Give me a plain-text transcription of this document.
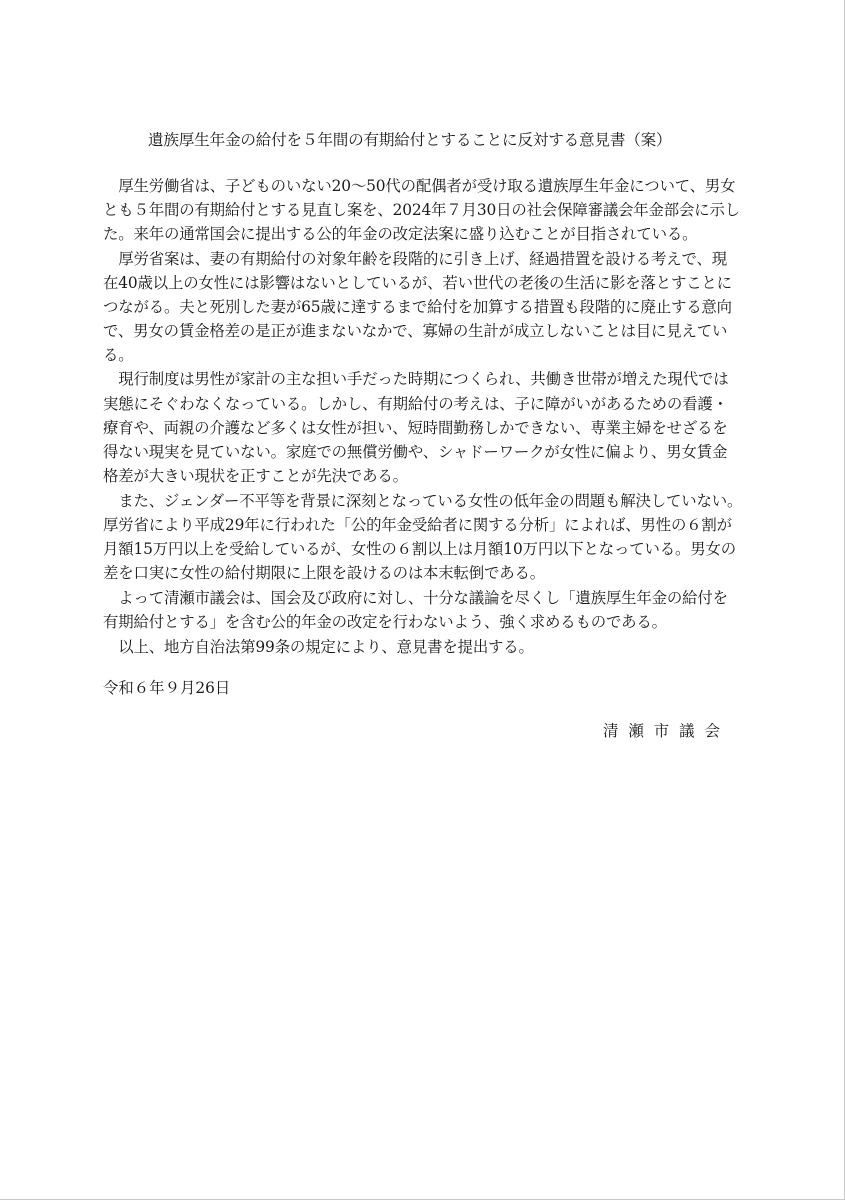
遺族厚生年金の給付を５年間の有期給付とすることに反対する意見書（案）
　厚生労働省は、子どものいない20〜50代の配偶者が受け取る遺族厚生年金について、男女
とも５年間の有期給付とする見直し案を、2024年７月30日の社会保障審議会年金部会に示し
た。来年の通常国会に提出する公的年金の改定法案に盛り込むことが目指されている。
　厚労省案は、妻の有期給付の対象年齢を段階的に引き上げ、経過措置を設ける考えで、現
在40歳以上の女性には影響はないとしているが、若い世代の老後の生活に影を落とすことに
つながる。夫と死別した妻が65歳に達するまで給付を加算する措置も段階的に廃止する意向
で、男女の賃金格差の是正が進まないなかで、寡婦の生計が成立しないことは目に見えてい
る。
　現行制度は男性が家計の主な担い手だった時期につくられ、共働き世帯が増えた現代では
実態にそぐわなくなっている。しかし、有期給付の考えは、子に障がいがあるための看護・
療育や、両親の介護など多くは女性が担い、短時間勤務しかできない、専業主婦をせざるを
得ない現実を見ていない。家庭での無償労働や、シャドーワークが女性に偏より、男女賃金
格差が大きい現状を正すことが先決である。
　また、ジェンダー不平等を背景に深刻となっている女性の低年金の問題も解決していない。
厚労省により平成29年に行われた「公的年金受給者に関する分析」によれば、男性の６割が
月額15万円以上を受給しているが、女性の６割以上は月額10万円以下となっている。男女の
差を口実に女性の給付期限に上限を設けるのは本末転倒である。
　よって清瀬市議会は、国会及び政府に対し、十分な議論を尽くし「遺族厚生年金の給付を
有期給付とする」を含む公的年金の改定を行わないよう、強く求めるものである。
　以上、地方自治法第99条の規定により、意見書を提出する。
令和６年９月26日
清瀬市議会
